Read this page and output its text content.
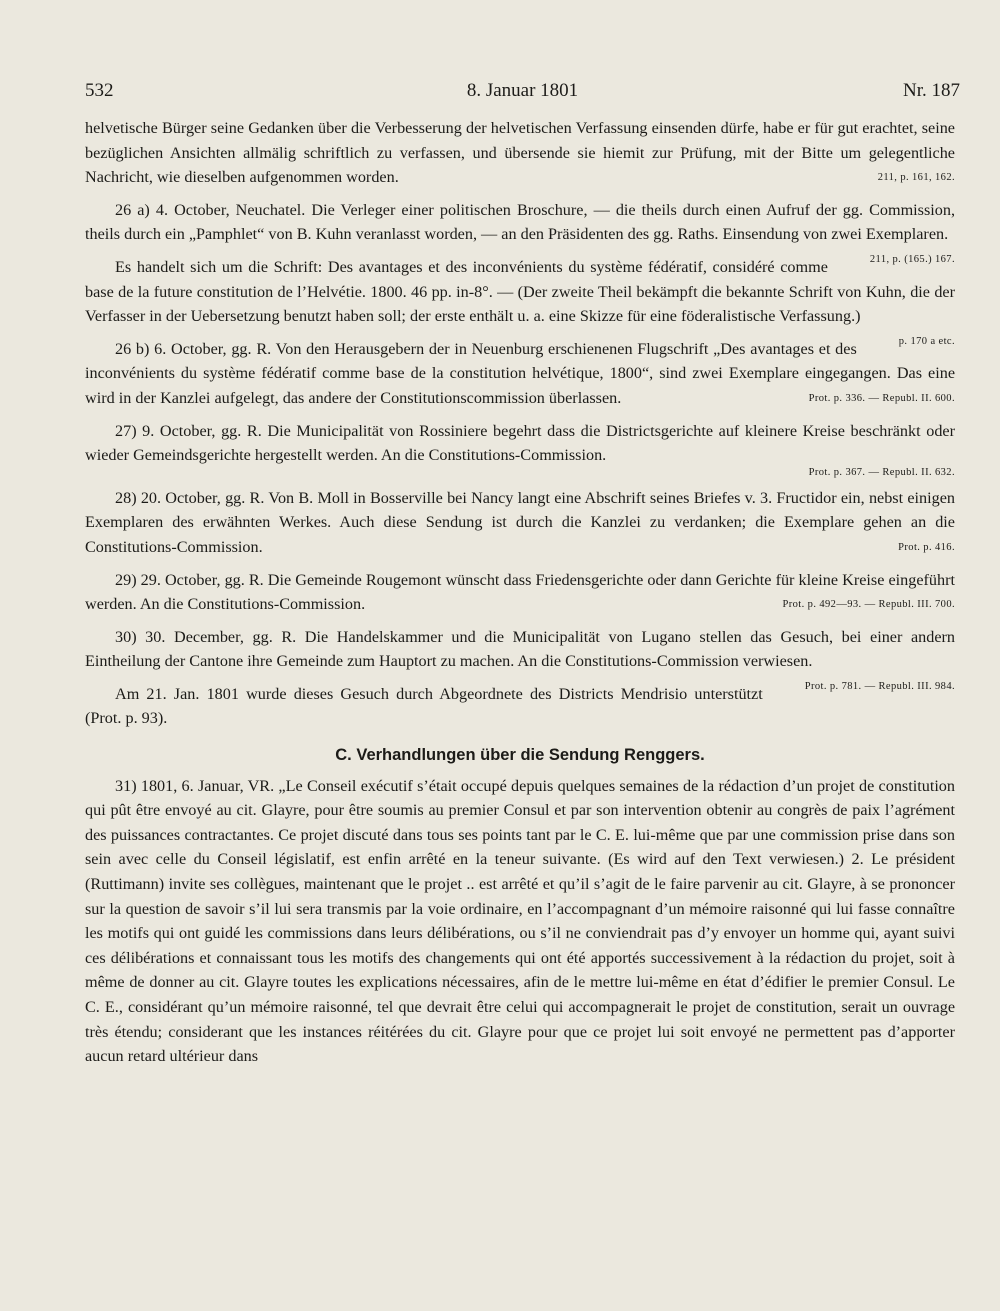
532	8. Januar 1801	Nr. 187

helvetische Bürger seine Gedanken über die Verbesserung der helvetischen Verfassung einsenden dürfe, habe er für gut erachtet, seine bezüglichen Ansichten allmälig schriftlich zu verfassen, und übersende sie hiemit zur Prüfung, mit der Bitte um gelegentliche Nachricht, wie dieselben aufgenommen worden.	211, p. 161, 162.

26 a) 4. October, Neuchatel. Die Verleger einer politischen Broschure, — die theils durch einen Aufruf der gg. Commission, theils durch ein „Pamphlet“ von B. Kuhn veranlasst worden, — an den Präsidenten des gg. Raths. Einsendung von zwei Exemplaren.
211, p. (165.) 167.

Es handelt sich um die Schrift: Des avantages et des inconvénients du système fédératif, considéré comme base de la future constitution de l’Helvétie. 1800. 46 pp. in-8°. — (Der zweite Theil bekämpft die bekannte Schrift von Kuhn, die der Verfasser in der Uebersetzung benutzt haben soll; der erste enthält u. a. eine Skizze für eine föderalistische Verfassung.)
p. 170 a etc.

26 b) 6. October, gg. R. Von den Herausgebern der in Neuenburg erschienenen Flugschrift „Des avantages et des inconvénients du système fédératif comme base de la constitution helvétique, 1800“, sind zwei Exemplare eingegangen. Das eine wird in der Kanzlei aufgelegt, das andere der Constitutionscommission überlassen.	Prot. p. 336. — Republ. II. 600.

27) 9. October, gg. R. Die Municipalität von Rossiniere begehrt dass die Districtsgerichte auf kleinere Kreise beschränkt oder wieder Gemeindsgerichte hergestellt werden. An die Constitutions-Commission.

Prot. p. 367. — Republ. II. 632.

28) 20. October, gg. R. Von B. Moll in Bosserville bei Nancy langt eine Abschrift seines Briefes v. 3. Fructidor ein, nebst einigen Exemplaren des erwähnten Werkes. Auch diese Sendung ist durch die Kanzlei zu verdanken; die Exemplare gehen an die Constitutions-Commission.	Prot. p. 416.

29) 29. October, gg. R. Die Gemeinde Rougemont wünscht dass Friedensgerichte oder dann Gerichte für kleine Kreise eingeführt werden. An die Constitutions-Commission.	Prot. p. 492—93. — Republ. III. 700.

30) 30. December, gg. R. Die Handelskammer und die Municipalität von Lugano stellen das Gesuch, bei einer andern Eintheilung der Cantone ihre Gemeinde zum Hauptort zu machen. An die Constitutions-Commission verwiesen.
Prot. p. 781. — Republ. III. 984.

Am 21. Jan. 1801 wurde dieses Gesuch durch Abgeordnete des Districts Mendrisio unterstützt (Prot. p. 93).

C. Verhandlungen über die Sendung Renggers.

31) 1801, 6. Januar, VR. „Le Conseil exécutif s’était occupé depuis quelques semaines de la rédaction d’un projet de constitution qui pût être envoyé au cit. Glayre, pour être soumis au premier Consul et par son intervention obtenir au congrès de paix l’agrément des puissances contractantes. Ce projet discuté dans tous ses points tant par le C. E. lui-même que par une commission prise dans son sein avec celle du Conseil législatif, est enfin arrêté en la teneur suivante. (Es wird auf den Text verwiesen.) 2. Le président (Ruttimann) invite ses collègues, maintenant que le projet .. est arrêté et qu’il s’agit de le faire parvenir au cit. Glayre, à se prononcer sur la question de savoir s’il lui sera transmis par la voie ordinaire, en l’accompagnant d’un mémoire raisonné qui lui fasse connaître les motifs qui ont guidé les commissions dans leurs délibérations, ou s’il ne conviendrait pas d’y envoyer un homme qui, ayant suivi ces délibérations et connaissant tous les motifs des changements qui ont été apportés successivement à la rédaction du projet, soit à même de donner au cit. Glayre toutes les explications nécessaires, afin de le mettre lui-même en état d’édifier le premier Consul. Le C. E., considérant qu’un mémoire raisonné, tel que devrait être celui qui accompagnerait le projet de constitution, serait un ouvrage très étendu; considerant que les instances réitérées du cit. Glayre pour que ce projet lui soit envoyé ne permettent pas d’apporter aucun retard ultérieur dans
